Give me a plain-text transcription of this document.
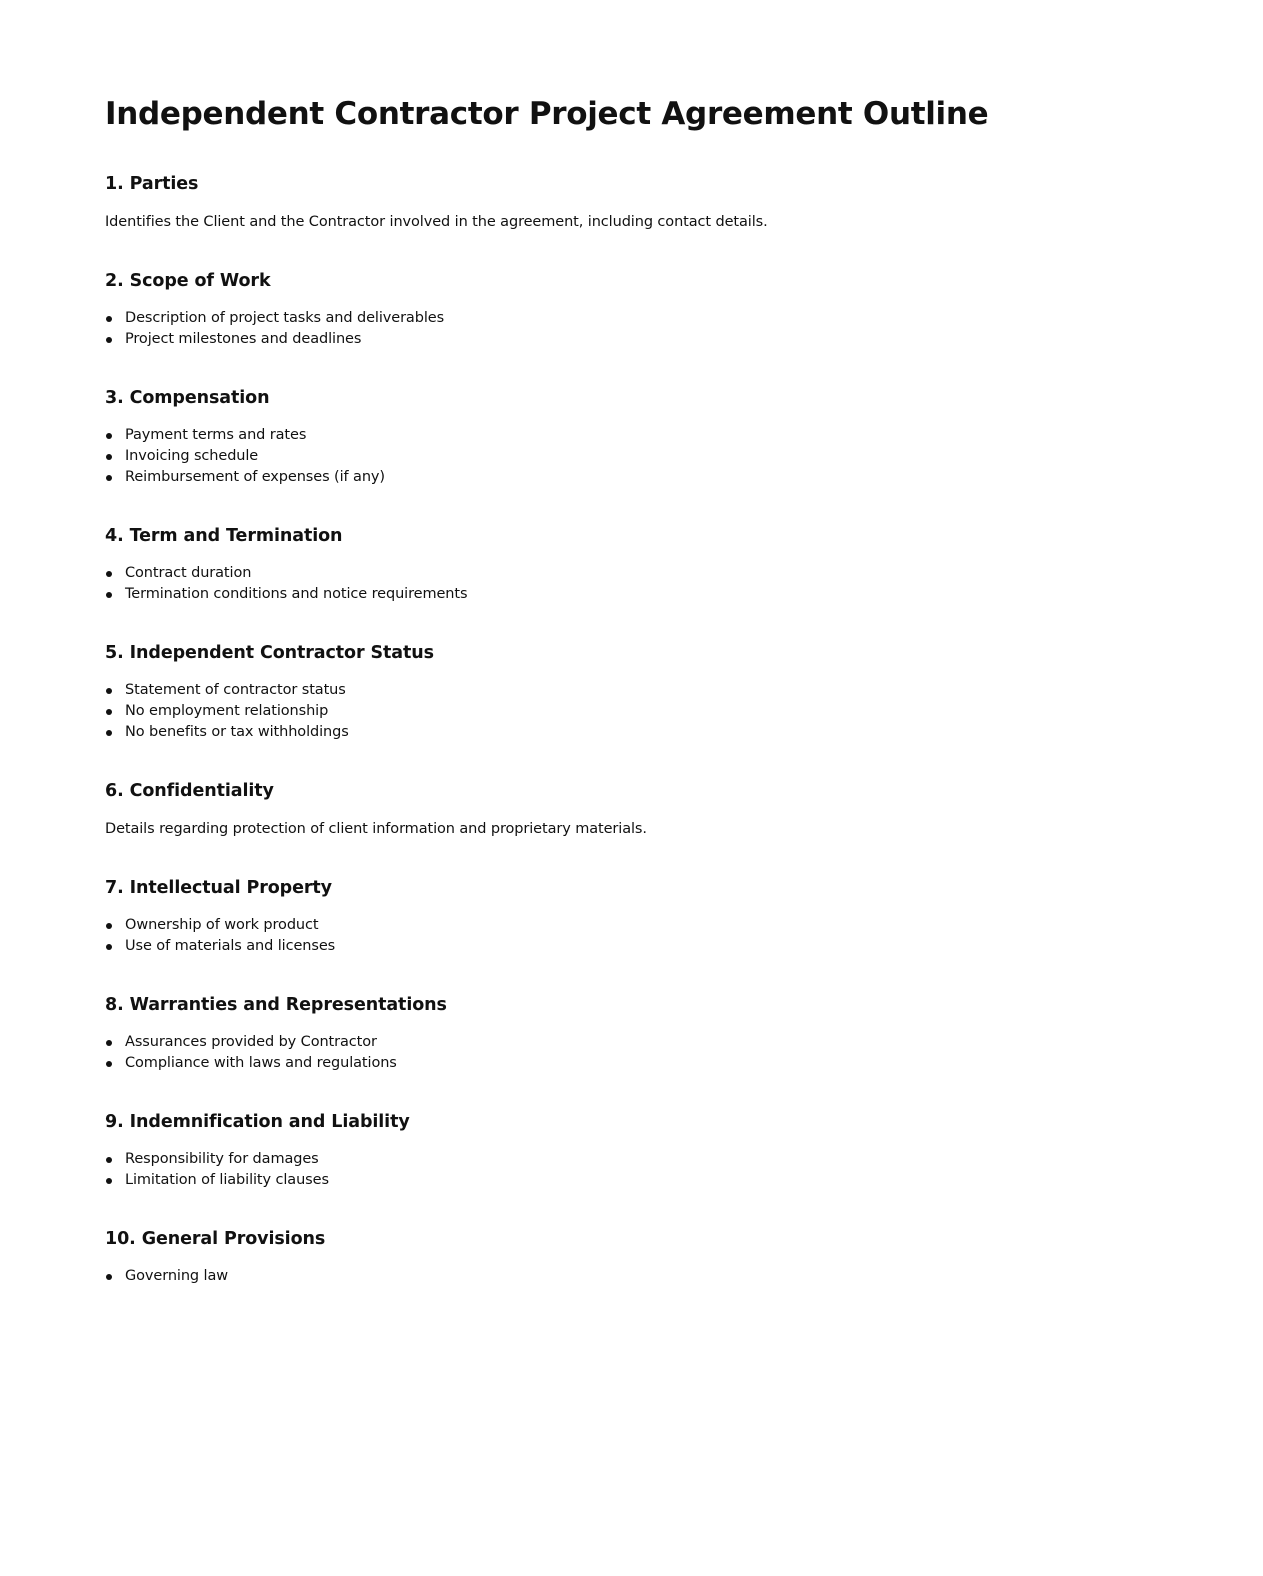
Independent Contractor Project Agreement Outline
1. Parties

Identifies the Client and the Contractor involved in the agreement, including contact details.

2. Scope of Work
Description of project tasks and deliverables
Project milestones and deadlines
3. Compensation
Payment terms and rates
Invoicing schedule
Reimbursement of expenses (if any)
4. Term and Termination
Contract duration
Termination conditions and notice requirements
5. Independent Contractor Status
Statement of contractor status
No employment relationship
No benefits or tax withholdings
6. Confidentiality

Details regarding protection of client information and proprietary materials.

7. Intellectual Property
Ownership of work product
Use of materials and licenses
8. Warranties and Representations
Assurances provided by Contractor
Compliance with laws and regulations
9. Indemnification and Liability
Responsibility for damages
Limitation of liability clauses
10. General Provisions
Governing law
